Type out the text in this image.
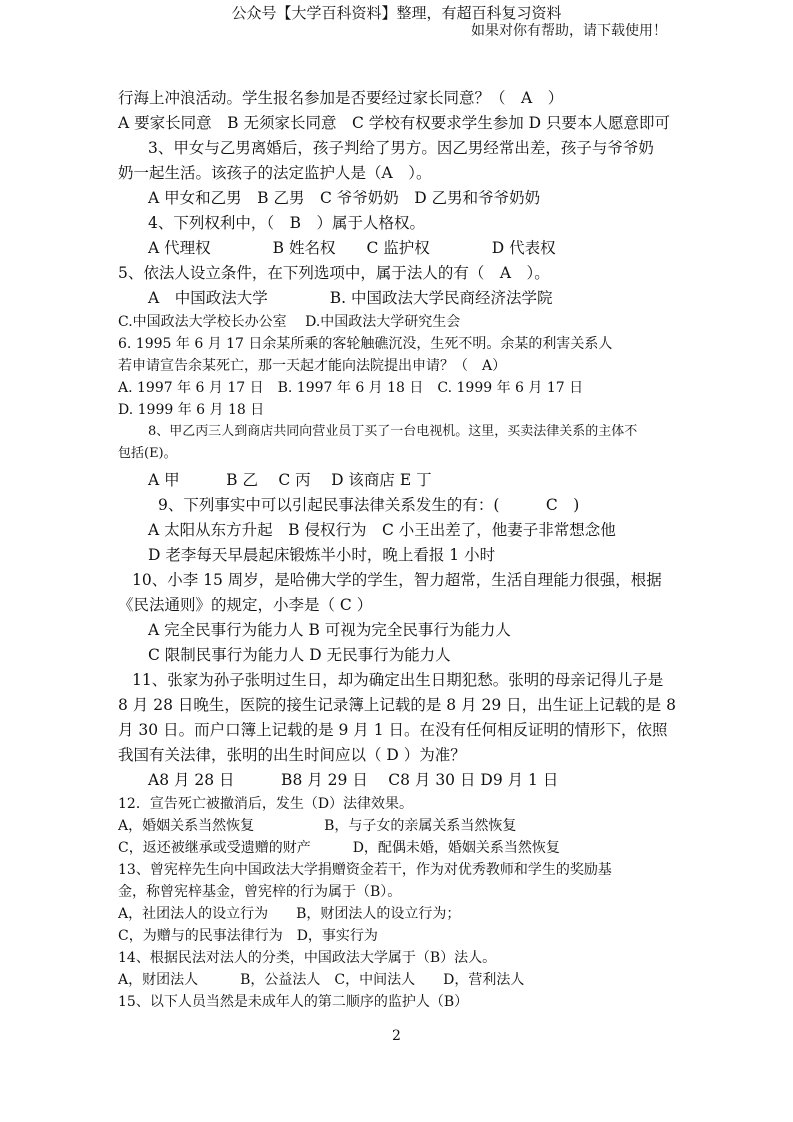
公众号【大学百科资料】整理，有超百科复习资料
如果对你有帮助，请下载使用！
行海上冲浪活动。学生报名参加是否要经过家长同意？（　A　）
A 要家长同意　B 无须家长同意　C 学校有权要求学生参加 D 只要本人愿意即可
3、甲女与乙男离婚后，孩子判给了男方。因乙男经常出差，孩子与爷爷奶
奶一起生活。该孩子的法定监护人是（A　）。
A 甲女和乙男　B 乙男　C 爷爷奶奶　D 乙男和爷爷奶奶
4、下列权利中，（　B　）属于人格权。
A 代理权　　　　B 姓名权　　C 监护权　　　　D 代表权
5、依法人设立条件，在下列选项中，属于法人的有（　A　）。
A　中国政法大学　　　　B. 中国政法大学民商经济法学院
C.中国政法大学校长办公室　 D.中国政法大学研究生会
6. 1995 年 6 月 17 日余某所乘的客轮触礁沉没，生死不明。余某的利害关系人
若申请宣告余某死亡，那一天起才能向法院提出申请？（　A）
A. 1997 年 6 月 17 日　B. 1997 年 6 月 18 日　C. 1999 年 6 月 17 日
D. 1999 年 6 月 18 日
8、甲乙丙三人到商店共同向营业员丁买了一台电视机。这里，买卖法律关系的主体不
包括(E)。
A 甲　　　B 乙　 C 丙　 D 该商店 E 丁
9、下列事实中可以引起民事法律关系发生的有：(　　　C　)
A 太阳从东方升起　B 侵权行为　C 小王出差了，他妻子非常想念他
D 老李每天早晨起床锻炼半小时，晚上看报 1 小时
10、小李 15 周岁，是哈佛大学的学生，智力超常，生活自理能力很强，根据
《民法通则》的规定，小李是（ C ）
A 完全民事行为能力人 B 可视为完全民事行为能力人
C 限制民事行为能力人 D 无民事行为能力人
11、张家为孙子张明过生日，却为确定出生日期犯愁。张明的母亲记得儿子是
8 月 28 日晚生，医院的接生记录簿上记载的是 8 月 29 日，出生证上记载的是 8
月 30 日。而户口簿上记载的是 9 月 1 日。在没有任何相反证明的情形下，依照
我国有关法律，张明的出生时间应以（ D ）为准？
A8 月 28 日　　　B8 月 29 日　 C8 月 30 日 D9 月 1 日
12．宣告死亡被撤消后，发生（D）法律效果。
A，婚姻关系当然恢复　　　　　B，与子女的亲属关系当然恢复
C，返还被继承或受遗赠的财产　　　D，配偶未婚，婚姻关系当然恢复
13、曾宪梓先生向中国政法大学捐赠资金若干，作为对优秀教师和学生的奖励基
金，称曾宪梓基金，曾宪梓的行为属于（B）。
A，社团法人的设立行为　　B，财团法人的设立行为；
C，为赠与的民事法律行为　D，事实行为
14、根据民法对法人的分类，中国政法大学属于（B）法人。
A，财团法人　　　B，公益法人　C，中间法人　　D，营利法人
15、以下人员当然是未成年人的第二顺序的监护人（B）
2
